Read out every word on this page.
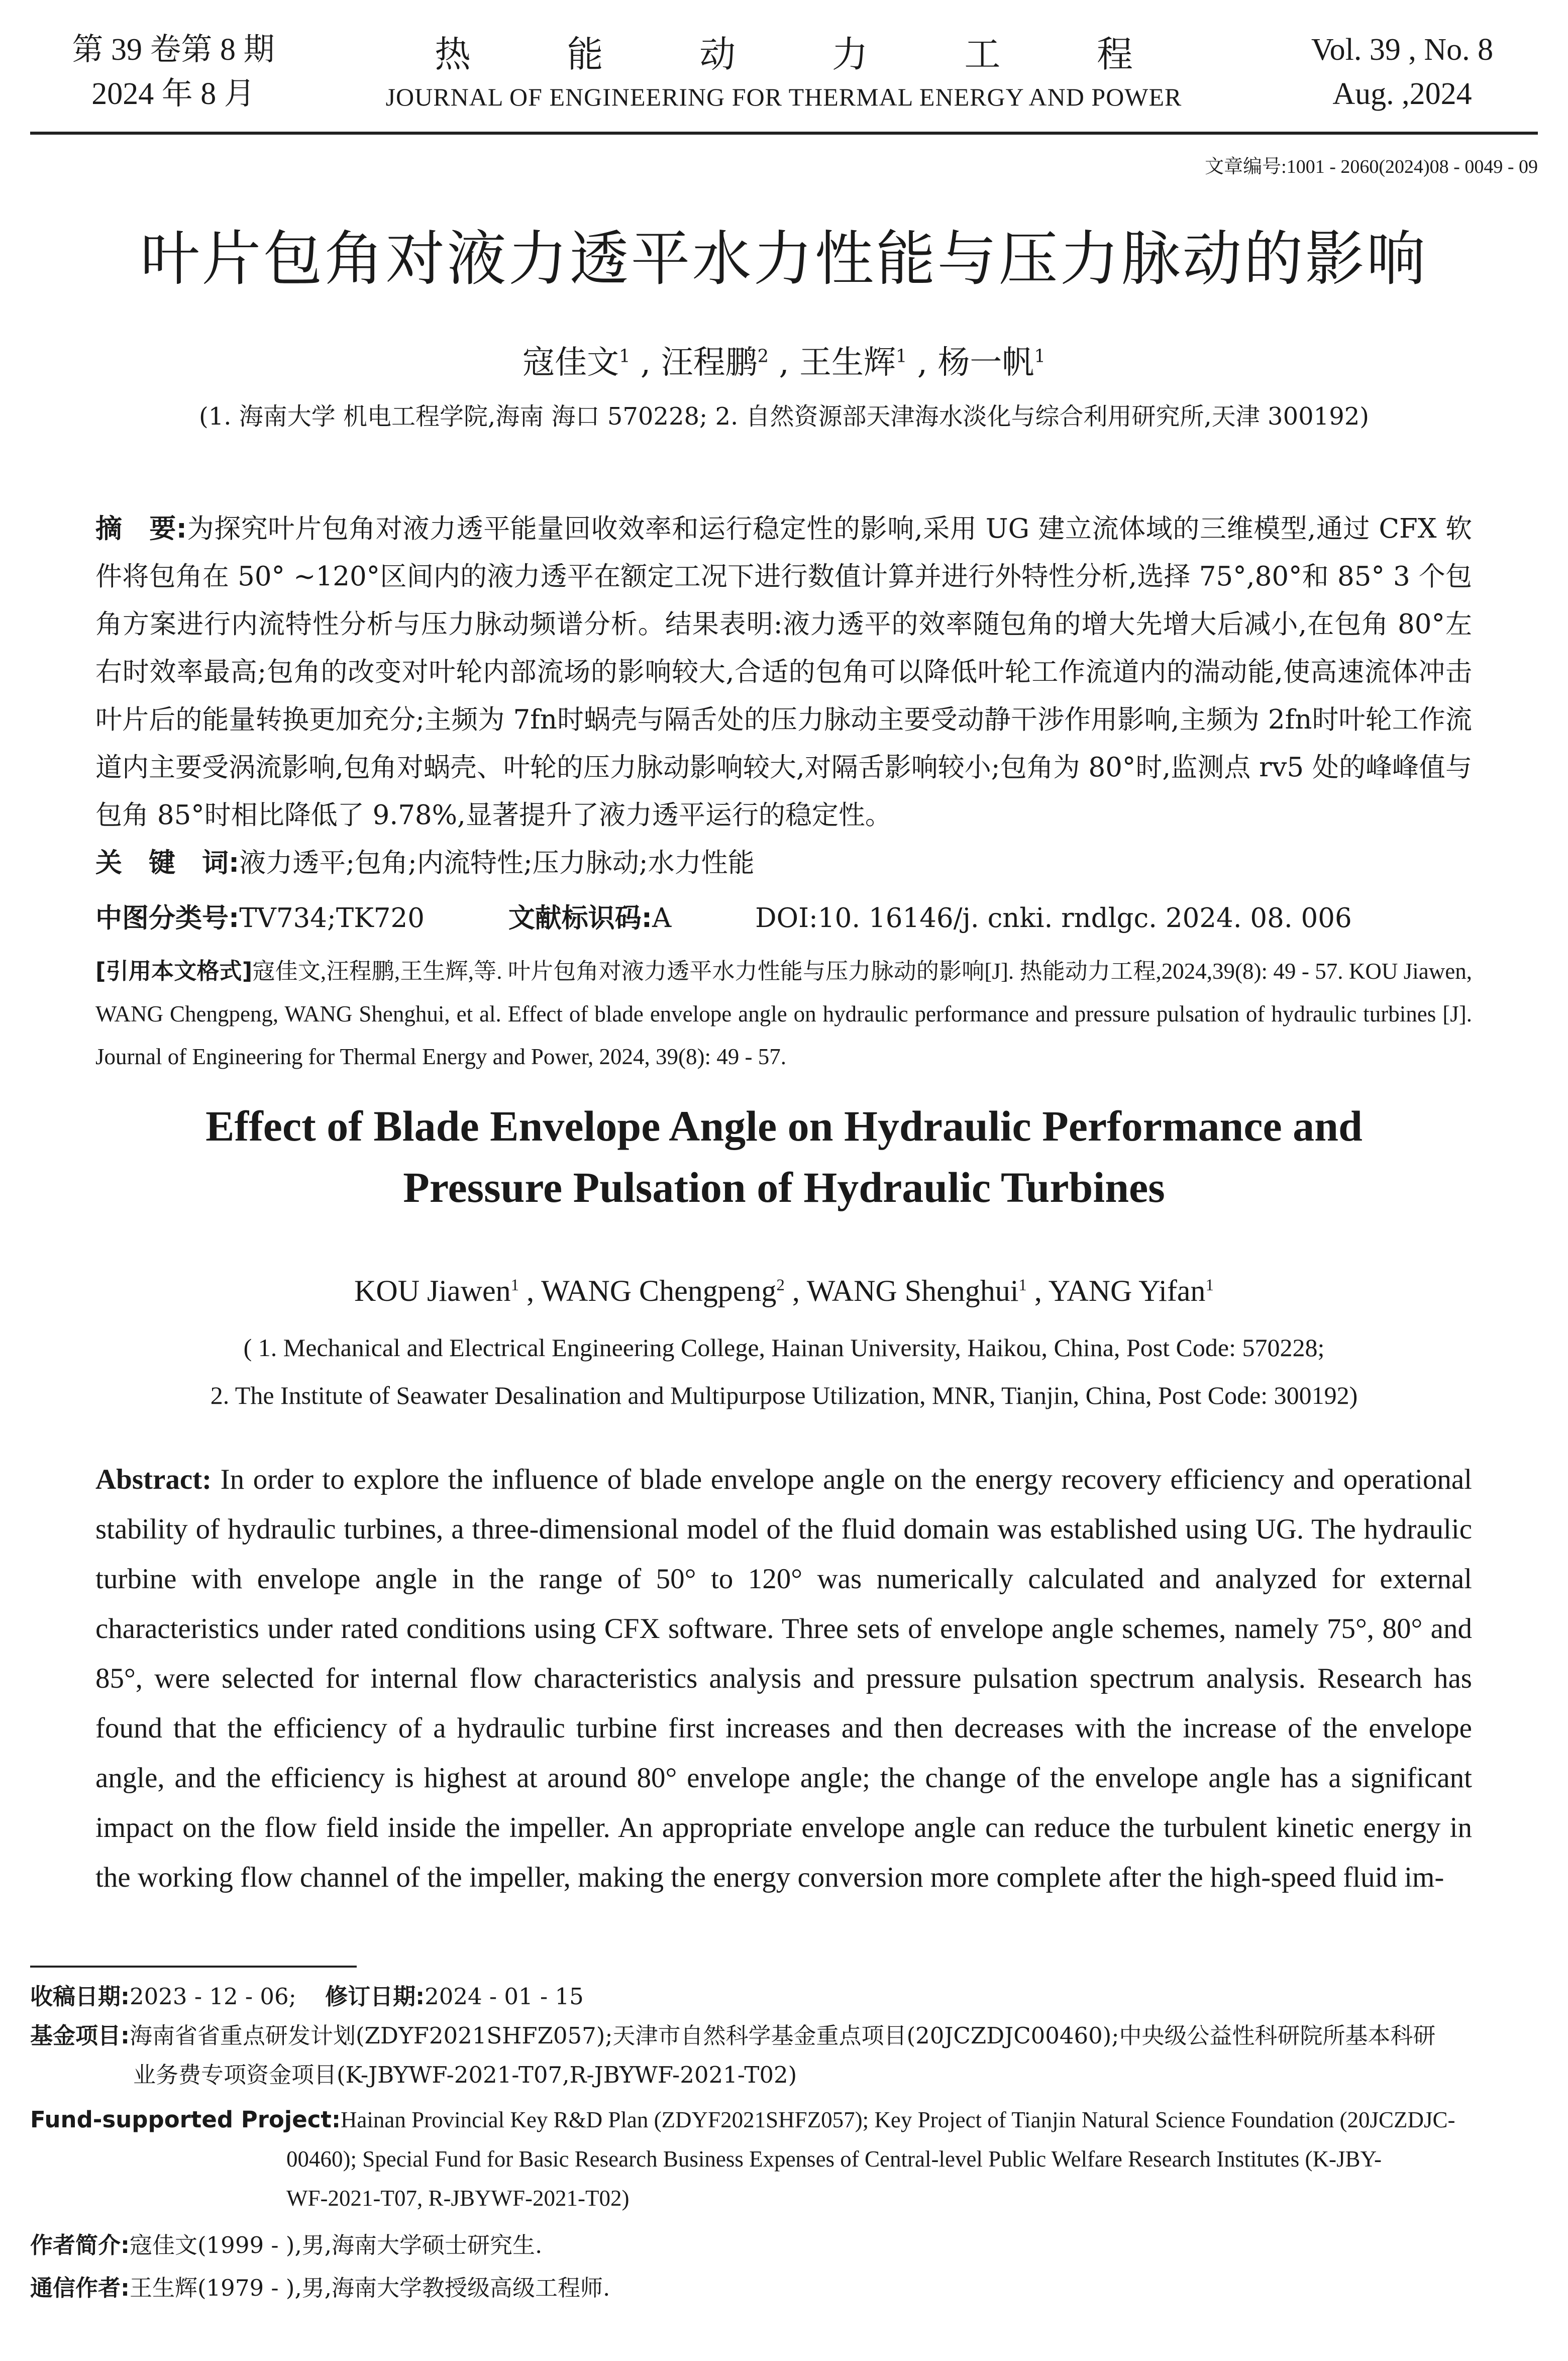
第 39 卷第 8 期
2024 年 8 月
热	能	动	力	工	程
JOURNAL OF ENGINEERING FOR THERMAL ENERGY AND POWER
Vol. 39 , No. 8
Aug. ,2024
文章编号:1001 - 2060(2024)08 - 0049 - 09
叶片包角对液力透平水力性能与压力脉动的影响
寇佳文$^1$ , 汪程鹏$^2$ , 王生辉$^1$ , 杨一帆$^1$
(1. 海南大学 机电工程学院,海南 海口 570228; 2. 自然资源部天津海水淡化与综合利用研究所,天津 300192)
摘　要:为探究叶片包角对液力透平能量回收效率和运行稳定性的影响,采用 UG 建立流体域的三维模型,通过 CFX 软件将包角在 50° ~120°区间内的液力透平在额定工况下进行数值计算并进行外特性分析,选择 75°,80°和 85° 3 个包角方案进行内流特性分析与压力脉动频谱分析。结果表明:液力透平的效率随包角的增大先增大后减小,在包角 80°左右时效率最高;包角的改变对叶轮内部流场的影响较大,合适的包角可以降低叶轮工作流道内的湍动能,使高速流体冲击叶片后的能量转换更加充分;主频为 7fn时蜗壳与隔舌处的压力脉动主要受动静干涉作用影响,主频为 2fn时叶轮工作流道内主要受涡流影响,包角对蜗壳、叶轮的压力脉动影响较大,对隔舌影响较小;包角为 80°时,监测点 rv5 处的峰峰值与包角 85°时相比降低了 9.78%,显著提升了液力透平运行的稳定性。
关　键　词:液力透平;包角;内流特性;压力脉动;水力性能
中图分类号:TV734;TK720	文献标识码:A	DOI:10. 16146/j. cnki. rndlgc. 2024. 08. 006
[引用本文格式]寇佳文,汪程鹏,王生辉,等. 叶片包角对液力透平水力性能与压力脉动的影响[J]. 热能动力工程,2024,39(8): 49 - 57. KOU Jiawen, WANG Chengpeng, WANG Shenghui, et al. Effect of blade envelope angle on hydraulic performance and pressure pulsation of hydraulic turbines [J]. Journal of Engineering for Thermal Energy and Power, 2024, 39(8): 49 - 57.
Effect of Blade Envelope Angle on Hydraulic Performance and
Pressure Pulsation of Hydraulic Turbines
KOU Jiawen$^1$ , WANG Chengpeng$^2$ , WANG Shenghui$^1$ , YANG Yifan$^1$
( 1. Mechanical and Electrical Engineering College, Hainan University, Haikou, China, Post Code: 570228;
2. The Institute of Seawater Desalination and Multipurpose Utilization, MNR, Tianjin, China, Post Code: 300192)
Abstract: In order to explore the influence of blade envelope angle on the energy recovery efficiency and operational stability of hydraulic turbines, a three-dimensional model of the fluid domain was established using UG. The hydraulic turbine with envelope angle in the range of 50° to 120° was numerically calculated and analyzed for external characteristics under rated conditions using CFX software. Three sets of envelope angle schemes, namely 75°, 80° and 85°, were selected for internal flow characteristics analysis and pressure pulsation spectrum analysis. Research has found that the efficiency of a hydraulic turbine first increases and then decreases with the increase of the envelope angle, and the efficiency is highest at around 80° envelope angle; the change of the envelope angle has a significant impact on the flow field inside the impeller. An appropriate envelope angle can reduce the turbulent kinetic energy in the working flow channel of the impeller, making the energy conversion more complete after the high-speed fluid im-
收稿日期:2023 - 12 - 06; 修订日期:2024 - 01 - 15
基金项目:海南省省重点研发计划(ZDYF2021SHFZ057);天津市自然科学基金重点项目(20JCZDJC00460);中央级公益性科研院所基本科研
业务费专项资金项目(K-JBYWF-2021-T07,R-JBYWF-2021-T02)
Fund-supported Project:Hainan Provincial Key R&D Plan (ZDYF2021SHFZ057); Key Project of Tianjin Natural Science Foundation (20JCZDJC-
00460); Special Fund for Basic Research Business Expenses of Central-level Public Welfare Research Institutes (K-JBY-
WF-2021-T07, R-JBYWF-2021-T02)
作者简介:寇佳文(1999 - ),男,海南大学硕士研究生.
通信作者:王生辉(1979 - ),男,海南大学教授级高级工程师.
